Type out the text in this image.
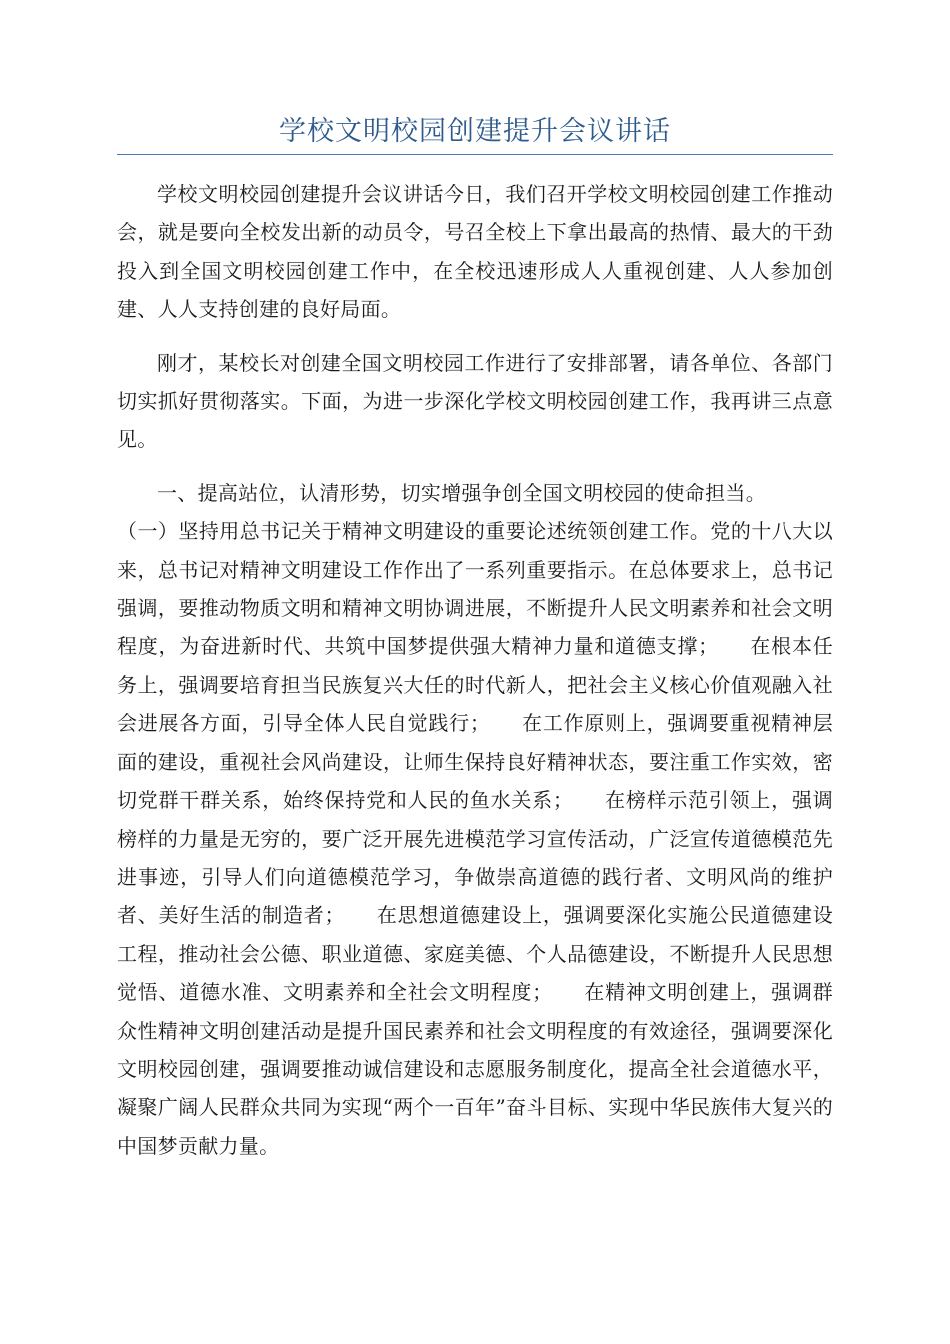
学校文明校园创建提升会议讲话

学校文明校园创建提升会议讲话今日，我们召开学校文明校园创建工作推动会，就是要向全校发出新的动员令，号召全校上下拿出最高的热情、最大的干劲投入到全国文明校园创建工作中，在全校迅速形成人人重视创建、人人参加创建、人人支持创建的良好局面。

刚才，某校长对创建全国文明校园工作进行了安排部署，请各单位、各部门切实抓好贯彻落实。下面，为进一步深化学校文明校园创建工作，我再讲三点意见。

一、提高站位，认清形势，切实增强争创全国文明校园的使命担当。

（一）坚持用总书记关于精神文明建设的重要论述统领创建工作。党的十八大以来，总书记对精神文明建设工作作出了一系列重要指示。在总体要求上，总书记强调，要推动物质文明和精神文明协调进展，不断提升人民文明素养和社会文明程度，为奋进新时代、共筑中国梦提供强大精神力量和道德支撑；　　在根本任务上，强调要培育担当民族复兴大任的时代新人，把社会主义核心价值观融入社会进展各方面，引导全体人民自觉践行；　　在工作原则上，强调要重视精神层面的建设，重视社会风尚建设，让师生保持良好精神状态，要注重工作实效，密切党群干群关系，始终保持党和人民的鱼水关系；　　在榜样示范引领上，强调榜样的力量是无穷的，要广泛开展先进模范学习宣传活动，广泛宣传道德模范先进事迹，引导人们向道德模范学习，争做崇高道德的践行者、文明风尚的维护者、美好生活的制造者；　　在思想道德建设上，强调要深化实施公民道德建设工程，推动社会公德、职业道德、家庭美德、个人品德建设，不断提升人民思想觉悟、道德水准、文明素养和全社会文明程度；　　在精神文明创建上，强调群众性精神文明创建活动是提升国民素养和社会文明程度的有效途径，强调要深化文明校园创建，强调要推动诚信建设和志愿服务制度化，提高全社会道德水平，凝聚广阔人民群众共同为实现“两个一百年”奋斗目标、实现中华民族伟大复兴的中国梦贡献力量。
